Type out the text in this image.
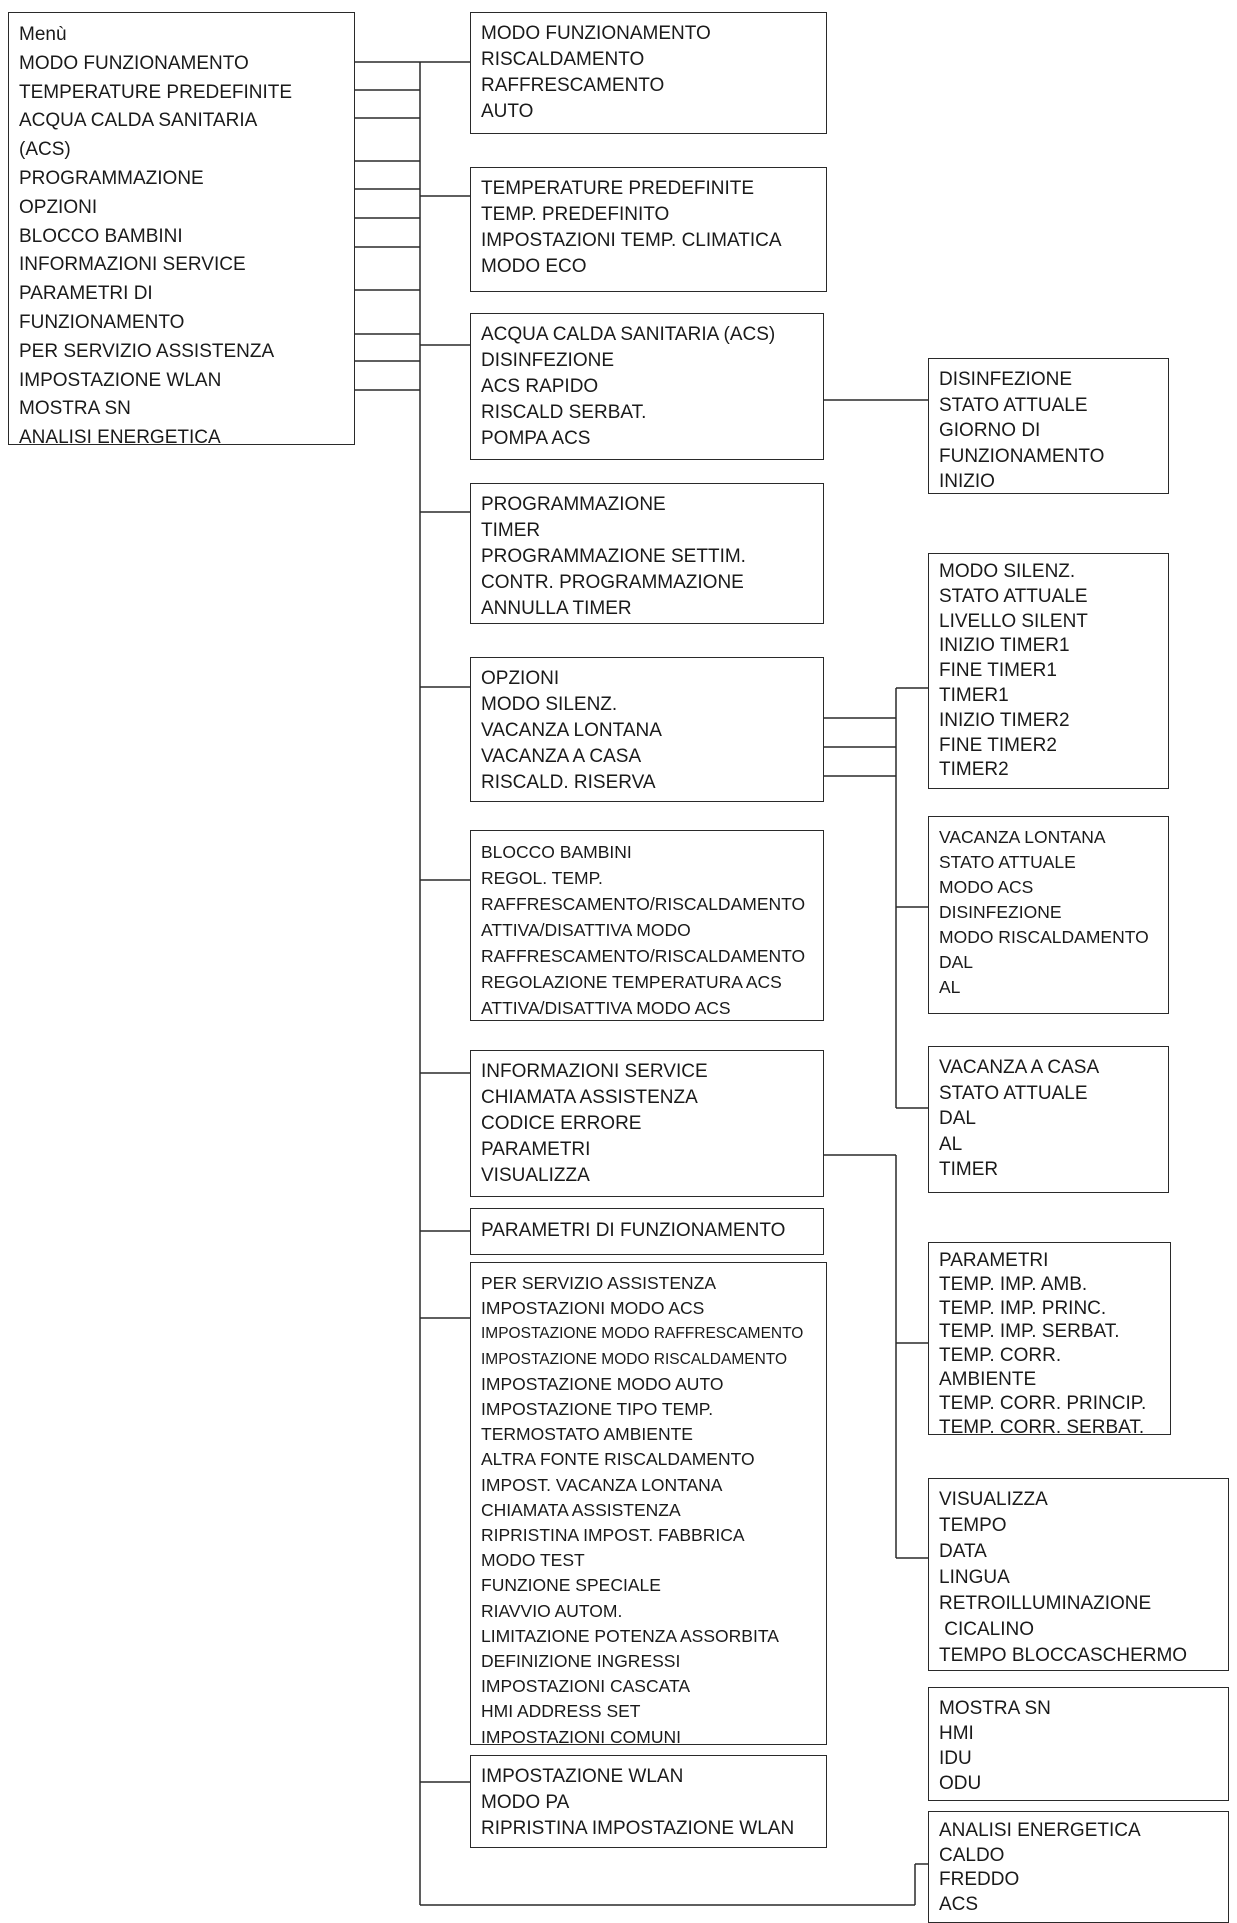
Menù
MODO FUNZIONAMENTO
TEMPERATURE PREDEFINITE
ACQUA CALDA SANITARIA
(ACS)
PROGRAMMAZIONE
OPZIONI
BLOCCO BAMBINI
INFORMAZIONI SERVICE
PARAMETRI DI
FUNZIONAMENTO
PER SERVIZIO ASSISTENZA
IMPOSTAZIONE WLAN
MOSTRA SN
ANALISI ENERGETICA
MODO FUNZIONAMENTO
RISCALDAMENTO
RAFFRESCAMENTO
AUTO
TEMPERATURE PREDEFINITE
TEMP. PREDEFINITO
IMPOSTAZIONI TEMP. CLIMATICA
MODO ECO
ACQUA CALDA SANITARIA (ACS)
DISINFEZIONE
ACS RAPIDO
RISCALD SERBAT.
POMPA ACS
PROGRAMMAZIONE
TIMER
PROGRAMMAZIONE SETTIM.
CONTR. PROGRAMMAZIONE
ANNULLA TIMER
OPZIONI
MODO SILENZ.
VACANZA LONTANA
VACANZA A CASA
RISCALD. RISERVA
BLOCCO BAMBINI
REGOL. TEMP.
RAFFRESCAMENTO/RISCALDAMENTO
ATTIVA/DISATTIVA MODO
RAFFRESCAMENTO/RISCALDAMENTO
REGOLAZIONE TEMPERATURA ACS
ATTIVA/DISATTIVA MODO ACS
INFORMAZIONI SERVICE
CHIAMATA ASSISTENZA
CODICE ERRORE
PARAMETRI
VISUALIZZA
PARAMETRI DI FUNZIONAMENTO
PER SERVIZIO ASSISTENZA
IMPOSTAZIONI MODO ACS
IMPOSTAZIONE MODO RAFFRESCAMENTO
IMPOSTAZIONE MODO RISCALDAMENTO
IMPOSTAZIONE MODO AUTO
IMPOSTAZIONE TIPO TEMP.
TERMOSTATO AMBIENTE
ALTRA FONTE RISCALDAMENTO
IMPOST. VACANZA LONTANA
CHIAMATA ASSISTENZA
RIPRISTINA IMPOST. FABBRICA
MODO TEST
FUNZIONE SPECIALE
RIAVVIO AUTOM.
LIMITAZIONE POTENZA ASSORBITA
DEFINIZIONE INGRESSI
IMPOSTAZIONI CASCATA
HMI ADDRESS SET
IMPOSTAZIONI COMUNI
IMPOSTAZIONE WLAN
MODO PA
RIPRISTINA IMPOSTAZIONE WLAN
DISINFEZIONE
STATO ATTUALE
GIORNO DI
FUNZIONAMENTO
INIZIO
MODO SILENZ.
STATO ATTUALE
LIVELLO SILENT
INIZIO TIMER1
FINE TIMER1
TIMER1
INIZIO TIMER2
FINE TIMER2
TIMER2
VACANZA LONTANA
STATO ATTUALE
MODO ACS
DISINFEZIONE
MODO RISCALDAMENTO
DAL
AL
VACANZA A CASA
STATO ATTUALE
DAL
AL
TIMER
PARAMETRI
TEMP. IMP. AMB.
TEMP. IMP. PRINC.
TEMP. IMP. SERBAT.
TEMP. CORR.
AMBIENTE
TEMP. CORR. PRINCIP.
TEMP. CORR. SERBAT.
VISUALIZZA
TEMPO
DATA
LINGUA
RETROILLUMINAZIONE
CICALINO
TEMPO BLOCCASCHERMO
MOSTRA SN
HMI
IDU
ODU
ANALISI ENERGETICA
CALDO
FREDDO
ACS
